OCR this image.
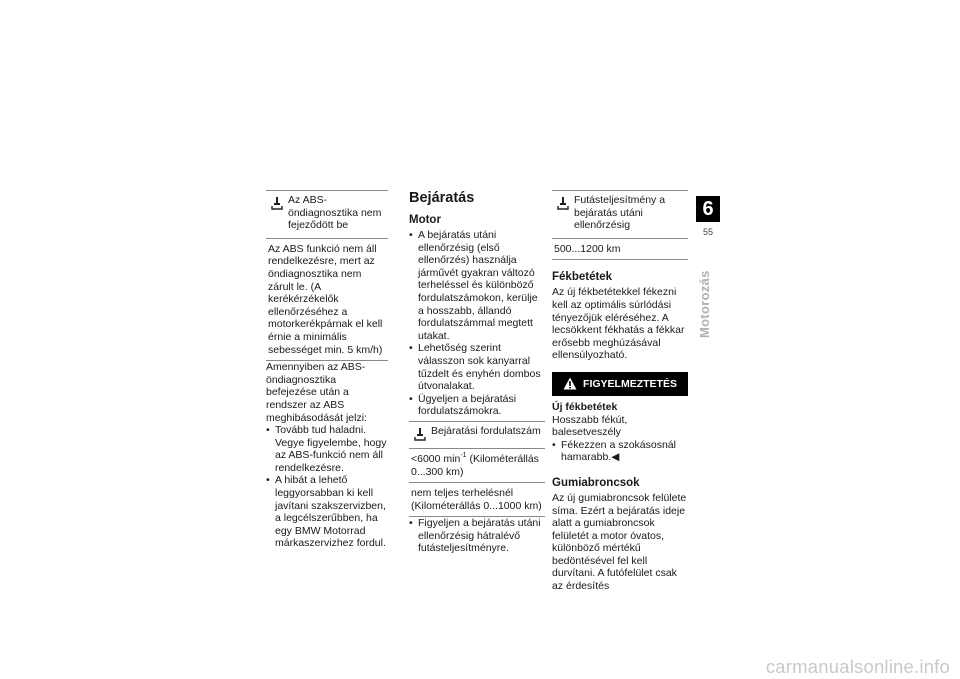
Az ABS-öndiagnosztika nem fejeződött be
Az ABS funkció nem áll rendelkezésre, mert az öndiagnosztika nem zárult le. (A kerékérzékelők ellenőrzéséhez a motorkerékpárnak el kell érnie a minimális sebességet min. 5 km/h)

Amennyiben az ABS-öndiagnosztika befejezése után a rendszer az ABS meghibásodását jelzi:

• Tovább tud haladni. Vegye figyelembe, hogy az ABS-funkció nem áll rendelkezésre.
• A hibát a lehető leggyorsabban ki kell javítani szakszervizben, a legcélszerűbben, ha egy BMW Motorrad márkaszervizhez fordul.
Bejáratás
Motor
• A bejáratás utáni ellenőrzésig (első ellenőrzés) használja járművét gyakran változó terheléssel és különböző fordulatszámokon, kerülje a hosszabb, állandó fordulatszámmal megtett utakat.
• Lehetőség szerint válasszon sok kanyarral tűzdelt és enyhén dombos útvonalakat.
• Ügyeljen a bejáratási fordulatszámokra.
Bejáratási fordulatszám
<6000 $\min^{-1}$ (Kilométerállás 0...300 km)
nem teljes terhelésnél (Kilométerállás 0...1000 km)
• Figyeljen a bejáratás utáni ellenőrzésig hátralévő futásteljesítményre.
Futásteljesítmény a bejáratás utáni ellenőrzésig
500...1200 km
Fékbetétek

Az új fékbetétekkel fékezni kell az optimális súrlódási tényezőjük eléréséhez. A lecsökkent fékhatás a fékkar erősebb meghúzásával ellensúlyozható.

FIGYELMEZTETÉS
Új fékbetétek

Hosszabb fékút, balesetveszély

• Fékezzen a szokásosnál hamarabb.◀
Gumiabroncsok

Az új gumiabroncsok felülete síma. Ezért a bejáratás ideje alatt a gumiabroncsok felületét a motor óvatos, különböző mértékű bedöntésével fel kell durvítani. A futófelület csak az érdesítés

6
55
Motorozás
carmanualsonline.info
